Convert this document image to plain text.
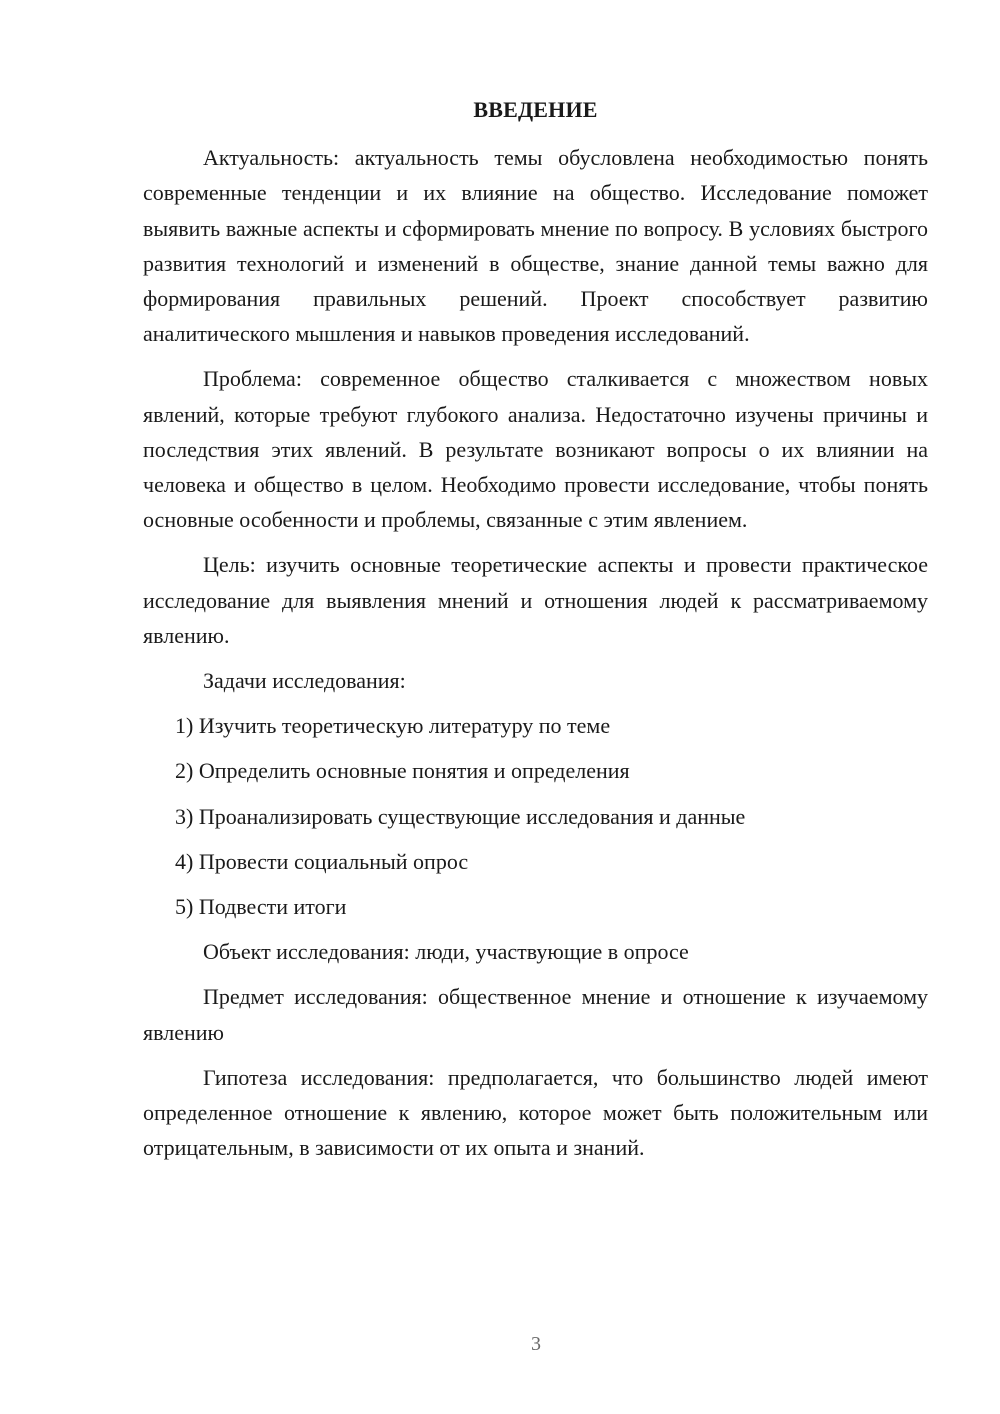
ВВЕДЕНИЕ

Актуальность: актуальность темы обусловлена необходимостью понять современные тенденции и их влияние на общество. Исследование поможет выявить важные аспекты и сформировать мнение по вопросу. В условиях быстрого развития технологий и изменений в обществе, знание данной темы важно для формирования правильных решений. Проект способствует развитию аналитического мышления и навыков проведения исследований.

Проблема: современное общество сталкивается с множеством новых явлений, которые требуют глубокого анализа. Недостаточно изучены причины и последствия этих явлений. В результате возникают вопросы о их влиянии на человека и общество в целом. Необходимо провести исследование, чтобы понять основные особенности и проблемы, связанные с этим явлением.

Цель: изучить основные теоретические аспекты и провести практическое исследование для выявления мнений и отношения людей к рассматриваемому явлению.

Задачи исследования:

1) Изучить теоретическую литературу по теме
2) Определить основные понятия и определения
3) Проанализировать существующие исследования и данные
4) Провести социальный опрос
5) Подвести итоги

Объект исследования: люди, участвующие в опросе

Предмет исследования: общественное мнение и отношение к изучаемому явлению

Гипотеза исследования: предполагается, что большинство людей имеют определенное отношение к явлению, которое может быть положительным или отрицательным, в зависимости от их опыта и знаний.

3
